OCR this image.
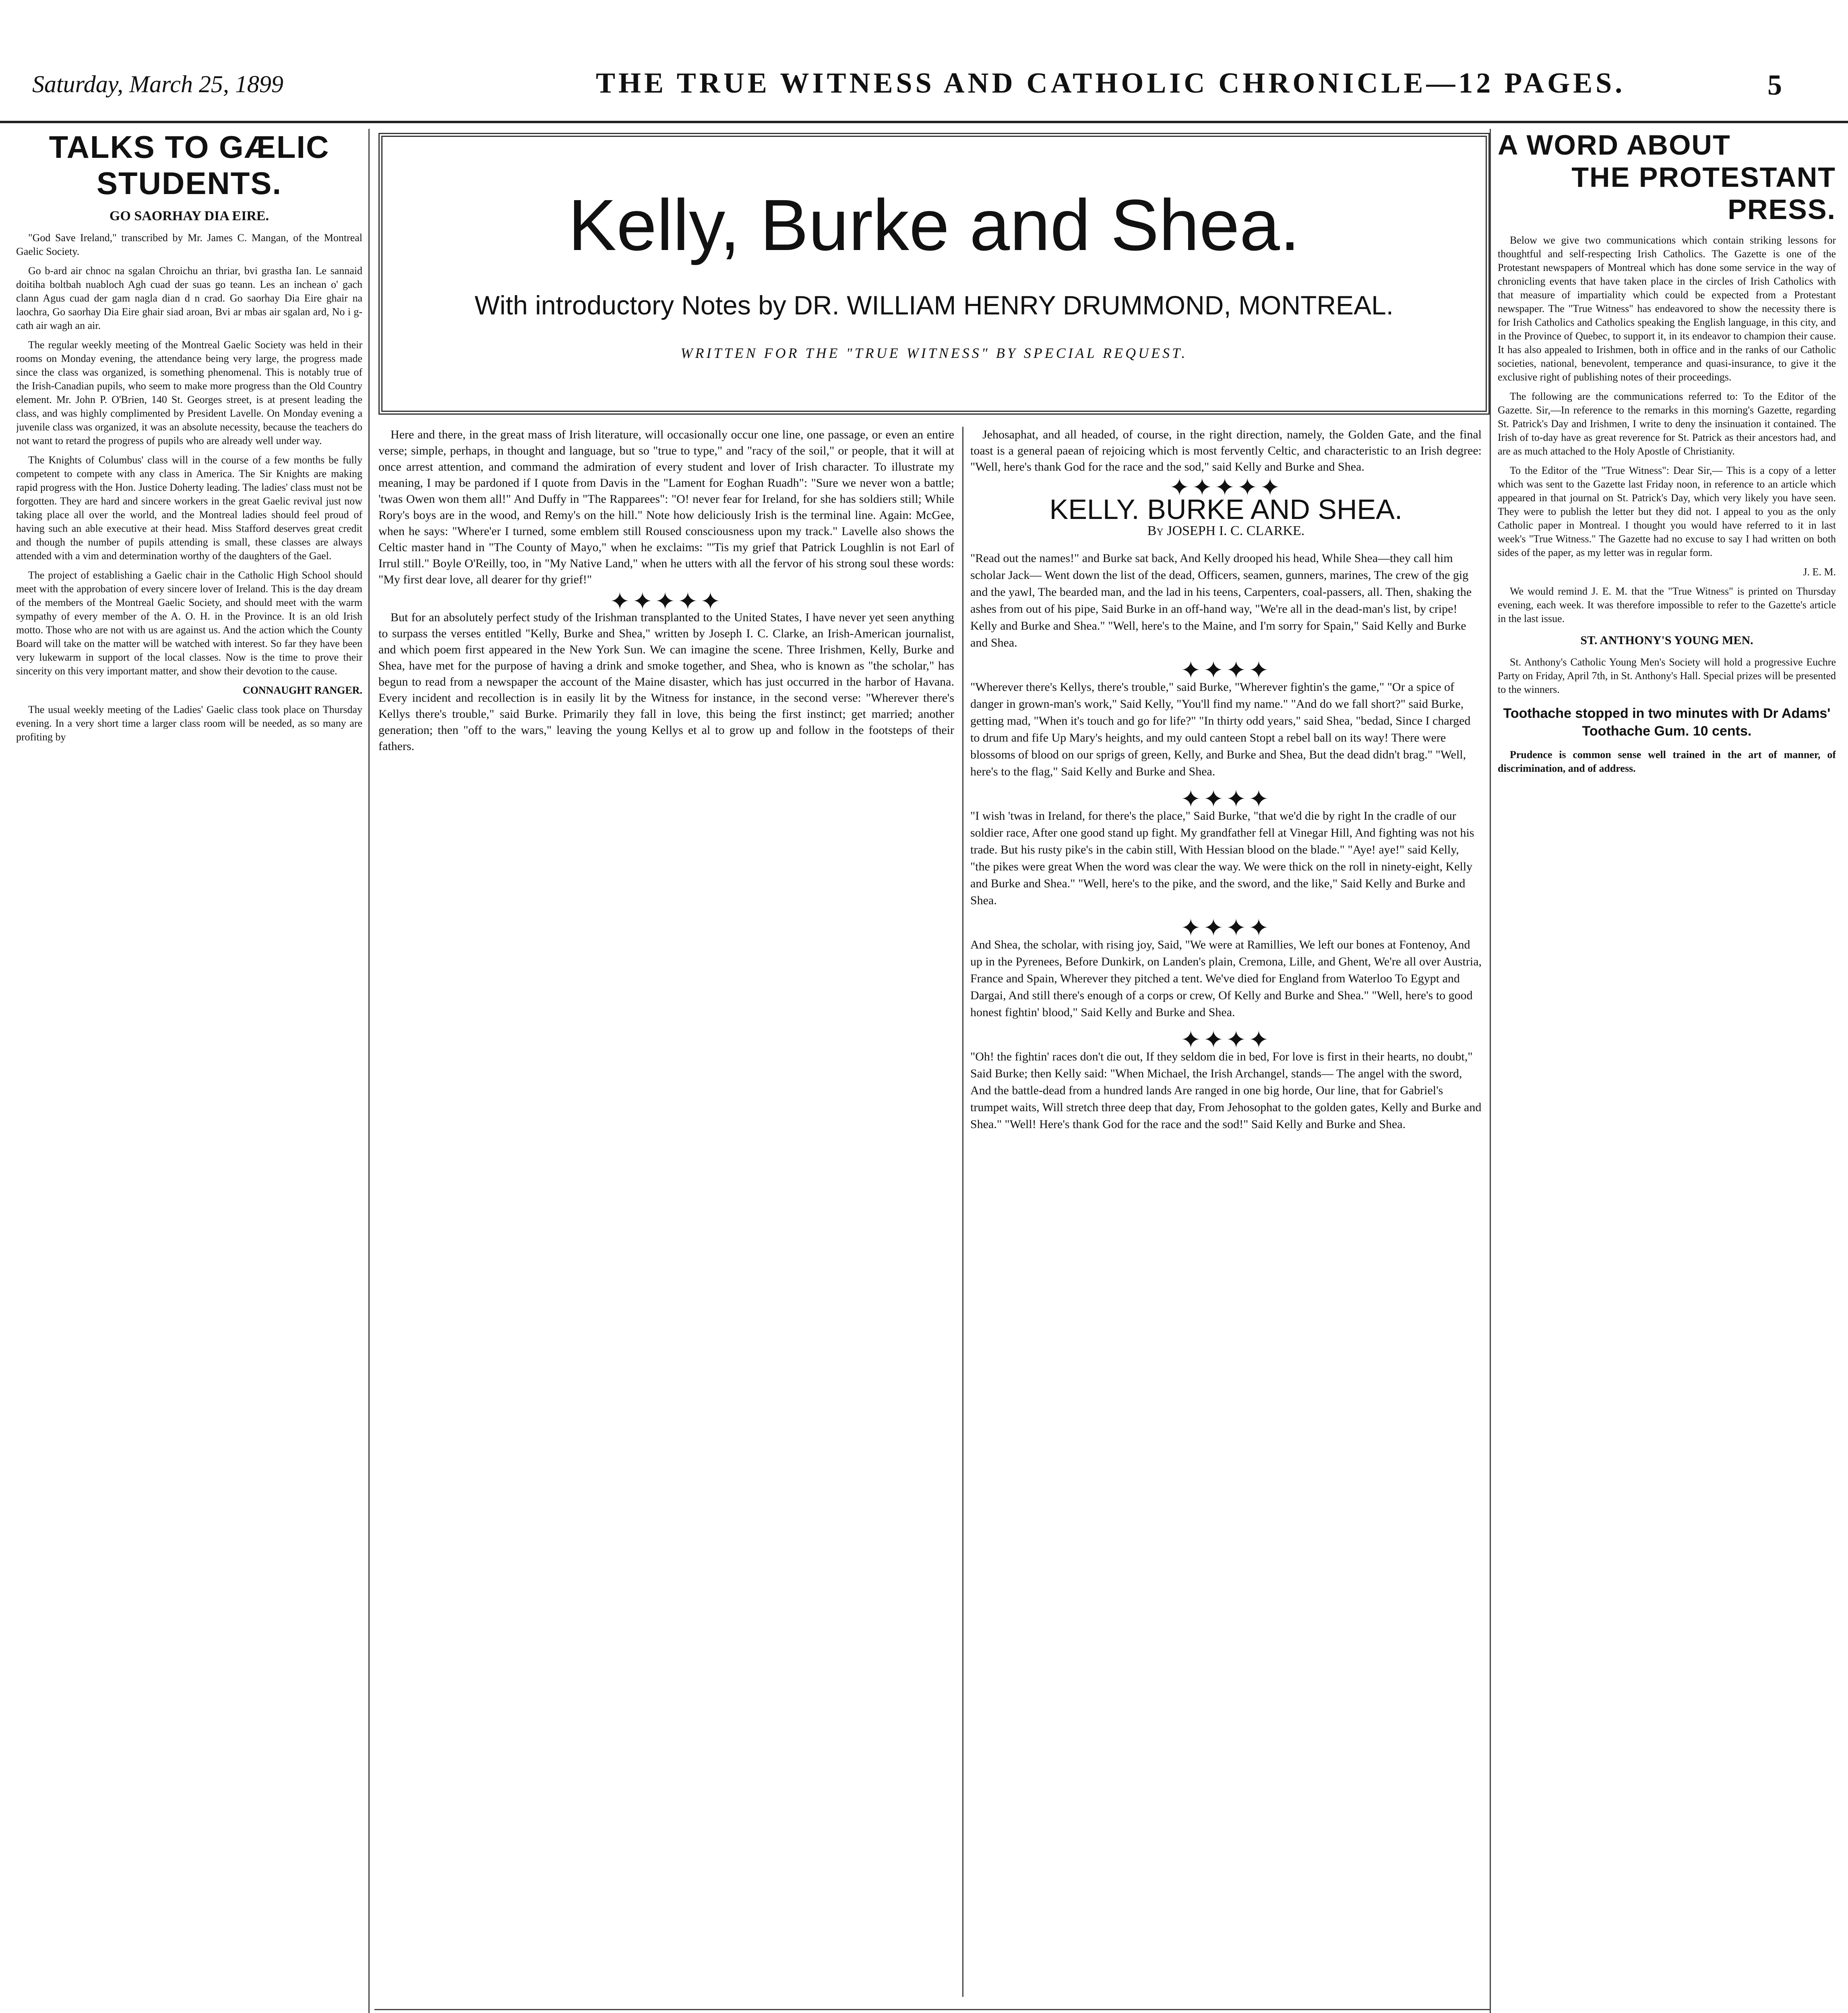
Saturday, March 25, 1899	THE TRUE WITNESS AND CATHOLIC CHRONICLE—12 PAGES.	5
TALKS TO GÆLIC STUDENTS.
GO SAORHAY DIA EIRE.

"God Save Ireland," transcribed by Mr. James C. Mangan, of the Montreal Gaelic Society.

Go b-ard air chnoc na sgalan Chroichu an thriar, bvi grastha Ian. Le sannaid doitiha boltbah nuabloch Agh cuad der suas go teann. Les an inchean o' gach clann Agus cuad der gam nagla dian d n crad. Go saorhay Dia Eire ghair na laochra, Go saorhay Dia Eire ghair siad aroan, Bvi ar mbas air sgalan ard, No i g-cath air wagh an air.

The regular weekly meeting of the Montreal Gaelic Society was held in their rooms on Monday evening, the attendance being very large, the progress made since the class was organized, is something phenomenal. This is notably true of the Irish-Canadian pupils, who seem to make more progress than the Old Country element. Mr. John P. O'Brien, 140 St. Georges street, is at present leading the class, and was highly complimented by President Lavelle. On Monday evening a juvenile class was organized, it was an absolute necessity, because the teachers do not want to retard the progress of pupils who are already well under way.

The Knights of Columbus' class will in the course of a few months be fully competent to compete with any class in America. The Sir Knights are making rapid progress with the Hon. Justice Doherty leading. The ladies' class must not be forgotten. They are hard and sincere workers in the great Gaelic revival just now taking place all over the world, and the Montreal ladies should feel proud of having such an able executive at their head. Miss Stafford deserves great credit and though the number of pupils attending is small, these classes are always attended with a vim and determination worthy of the daughters of the Gael.

The project of establishing a Gaelic chair in the Catholic High School should meet with the approbation of every sincere lover of Ireland. This is the day dream of the members of the Montreal Gaelic Society, and should meet with the warm sympathy of every member of the A. O. H. in the Province. It is an old Irish motto. Those who are not with us are against us. And the action which the County Board will take on the matter will be watched with interest. So far they have been very lukewarm in support of the local classes. Now is the time to prove their sincerity on this very important matter, and show their devotion to the cause.

CONNAUGHT RANGER.

The usual weekly meeting of the Ladies' Gaelic class took place on Thursday evening. In a very short time a larger class room will be needed, as so many are profiting by

Kelly, Burke and Shea.
With introductory Notes by DR. WILLIAM HENRY DRUMMOND, MONTREAL.
WRITTEN FOR THE "TRUE WITNESS" BY SPECIAL REQUEST.

Here and there, in the great mass of Irish literature, will occasionally occur one line, one passage, or even an entire verse; simple, perhaps, in thought and language, but so "true to type," and "racy of the soil," or people, that it will at once arrest attention, and command the admiration of every student and lover of Irish character. To illustrate my meaning, I may be pardoned if I quote from Davis in the "Lament for Eoghan Ruadh": "Sure we never won a battle; 'twas Owen won them all!" And Duffy in "The Rapparees": "O! never fear for Ireland, for she has soldiers still; While Rory's boys are in the wood, and Remy's on the hill." Note how deliciously Irish is the terminal line. Again: McGee, when he says: "Where'er I turned, some emblem still Roused consciousness upon my track." Lavelle also shows the Celtic master hand in "The County of Mayo," when he exclaims: "'Tis my grief that Patrick Loughlin is not Earl of Irrul still." Boyle O'Reilly, too, in "My Native Land," when he utters with all the fervor of his strong soul these words: "My first dear love, all dearer for thy grief!"

✦✦✦✦✦

But for an absolutely perfect study of the Irishman transplanted to the United States, I have never yet seen anything to surpass the verses entitled "Kelly, Burke and Shea," written by Joseph I. C. Clarke, an Irish-American journalist, and which poem first appeared in the New York Sun. We can imagine the scene. Three Irishmen, Kelly, Burke and Shea, have met for the purpose of having a drink and smoke together, and Shea, who is known as "the scholar," has begun to read from a newspaper the account of the Maine disaster, which has just occurred in the harbor of Havana. Every incident and recollection is in easily lit by the Witness for instance, in the second verse: "Wherever there's Kellys there's trouble," said Burke. Primarily they fall in love, this being the first instinct; get married; another generation; then "off to the wars," leaving the young Kellys et al to grow up and follow in the footsteps of their fathers.

Jehosaphat, and all headed, of course, in the right direction, namely, the Golden Gate, and the final toast is a general paean of rejoicing which is most fervently Celtic, and characteristic to an Irish degree: "Well, here's thank God for the race and the sod," said Kelly and Burke and Shea.

✦✦✦✦✦
KELLY. BURKE AND SHEA.
By JOSEPH I. C. CLARKE.

"Read out the names!" and Burke sat back, And Kelly drooped his head, While Shea—they call him scholar Jack— Went down the list of the dead, Officers, seamen, gunners, marines, The crew of the gig and the yawl, The bearded man, and the lad in his teens, Carpenters, coal-passers, all. Then, shaking the ashes from out of his pipe, Said Burke in an off-hand way, "We're all in the dead-man's list, by cripe! Kelly and Burke and Shea." "Well, here's to the Maine, and I'm sorry for Spain," Said Kelly and Burke and Shea.

✦✦✦✦

"Wherever there's Kellys, there's trouble," said Burke, "Wherever fightin's the game," "Or a spice of danger in grown-man's work," Said Kelly, "You'll find my name." "And do we fall short?" said Burke, getting mad, "When it's touch and go for life?" "In thirty odd years," said Shea, "bedad, Since I charged to drum and fife Up Mary's heights, and my ould canteen Stopt a rebel ball on its way! There were blossoms of blood on our sprigs of green, Kelly, and Burke and Shea, But the dead didn't brag." "Well, here's to the flag," Said Kelly and Burke and Shea.

✦✦✦✦

"I wish 'twas in Ireland, for there's the place," Said Burke, "that we'd die by right In the cradle of our soldier race, After one good stand up fight. My grandfather fell at Vinegar Hill, And fighting was not his trade. But his rusty pike's in the cabin still, With Hessian blood on the blade." "Aye! aye!" said Kelly, "the pikes were great When the word was clear the way. We were thick on the roll in ninety-eight, Kelly and Burke and Shea." "Well, here's to the pike, and the sword, and the like," Said Kelly and Burke and Shea.

✦✦✦✦

And Shea, the scholar, with rising joy, Said, "We were at Ramillies, We left our bones at Fontenoy, And up in the Pyrenees, Before Dunkirk, on Landen's plain, Cremona, Lille, and Ghent, We're all over Austria, France and Spain, Wherever they pitched a tent. We've died for England from Waterloo To Egypt and Dargai, And still there's enough of a corps or crew, Of Kelly and Burke and Shea." "Well, here's to good honest fightin' blood," Said Kelly and Burke and Shea.

✦✦✦✦

"Oh! the fightin' races don't die out, If they seldom die in bed, For love is first in their hearts, no doubt," Said Burke; then Kelly said: "When Michael, the Irish Archangel, stands— The angel with the sword, And the battle-dead from a hundred lands Are ranged in one big horde, Our line, that for Gabriel's trumpet waits, Will stretch three deep that day, From Jehosophat to the golden gates, Kelly and Burke and Shea." "Well! Here's thank God for the race and the sod!" Said Kelly and Burke and Shea.

A WORD ABOUT
THE PROTESTANT PRESS.

Below we give two communications which contain striking lessons for thoughtful and self-respecting Irish Catholics. The Gazette is one of the Protestant newspapers of Montreal which has done some service in the way of chronicling events that have taken place in the circles of Irish Catholics with that measure of impartiality which could be expected from a Protestant newspaper. The "True Witness" has endeavored to show the necessity there is for Irish Catholics and Catholics speaking the English language, in this city, and in the Province of Quebec, to support it, in its endeavor to champion their cause. It has also appealed to Irishmen, both in office and in the ranks of our Catholic societies, national, benevolent, temperance and quasi-insurance, to give it the exclusive right of publishing notes of their proceedings.

The following are the communications referred to: To the Editor of the Gazette. Sir,—In reference to the remarks in this morning's Gazette, regarding St. Patrick's Day and Irishmen, I write to deny the insinuation it contained. The Irish of to-day have as great reverence for St. Patrick as their ancestors had, and are as much attached to the Holy Apostle of Christianity.

To the Editor of the "True Witness": Dear Sir,— This is a copy of a letter which was sent to the Gazette last Friday noon, in reference to an article which appeared in that journal on St. Patrick's Day, which very likely you have seen. They were to publish the letter but they did not. I appeal to you as the only Catholic paper in Montreal. I thought you would have referred to it in last week's "True Witness." The Gazette had no excuse to say I had written on both sides of the paper, as my letter was in regular form.

J. E. M.

We would remind J. E. M. that the "True Witness" is printed on Thursday evening, each week. It was therefore impossible to refer to the Gazette's article in the last issue.

ST. ANTHONY'S YOUNG MEN.

St. Anthony's Catholic Young Men's Society will hold a progressive Euchre Party on Friday, April 7th, in St. Anthony's Hall. Special prizes will be presented to the winners.

Toothache stopped in two minutes with Dr Adams' Toothache Gum. 10 cents.

Prudence is common sense well trained in the art of manner, of discrimination, and of address.
